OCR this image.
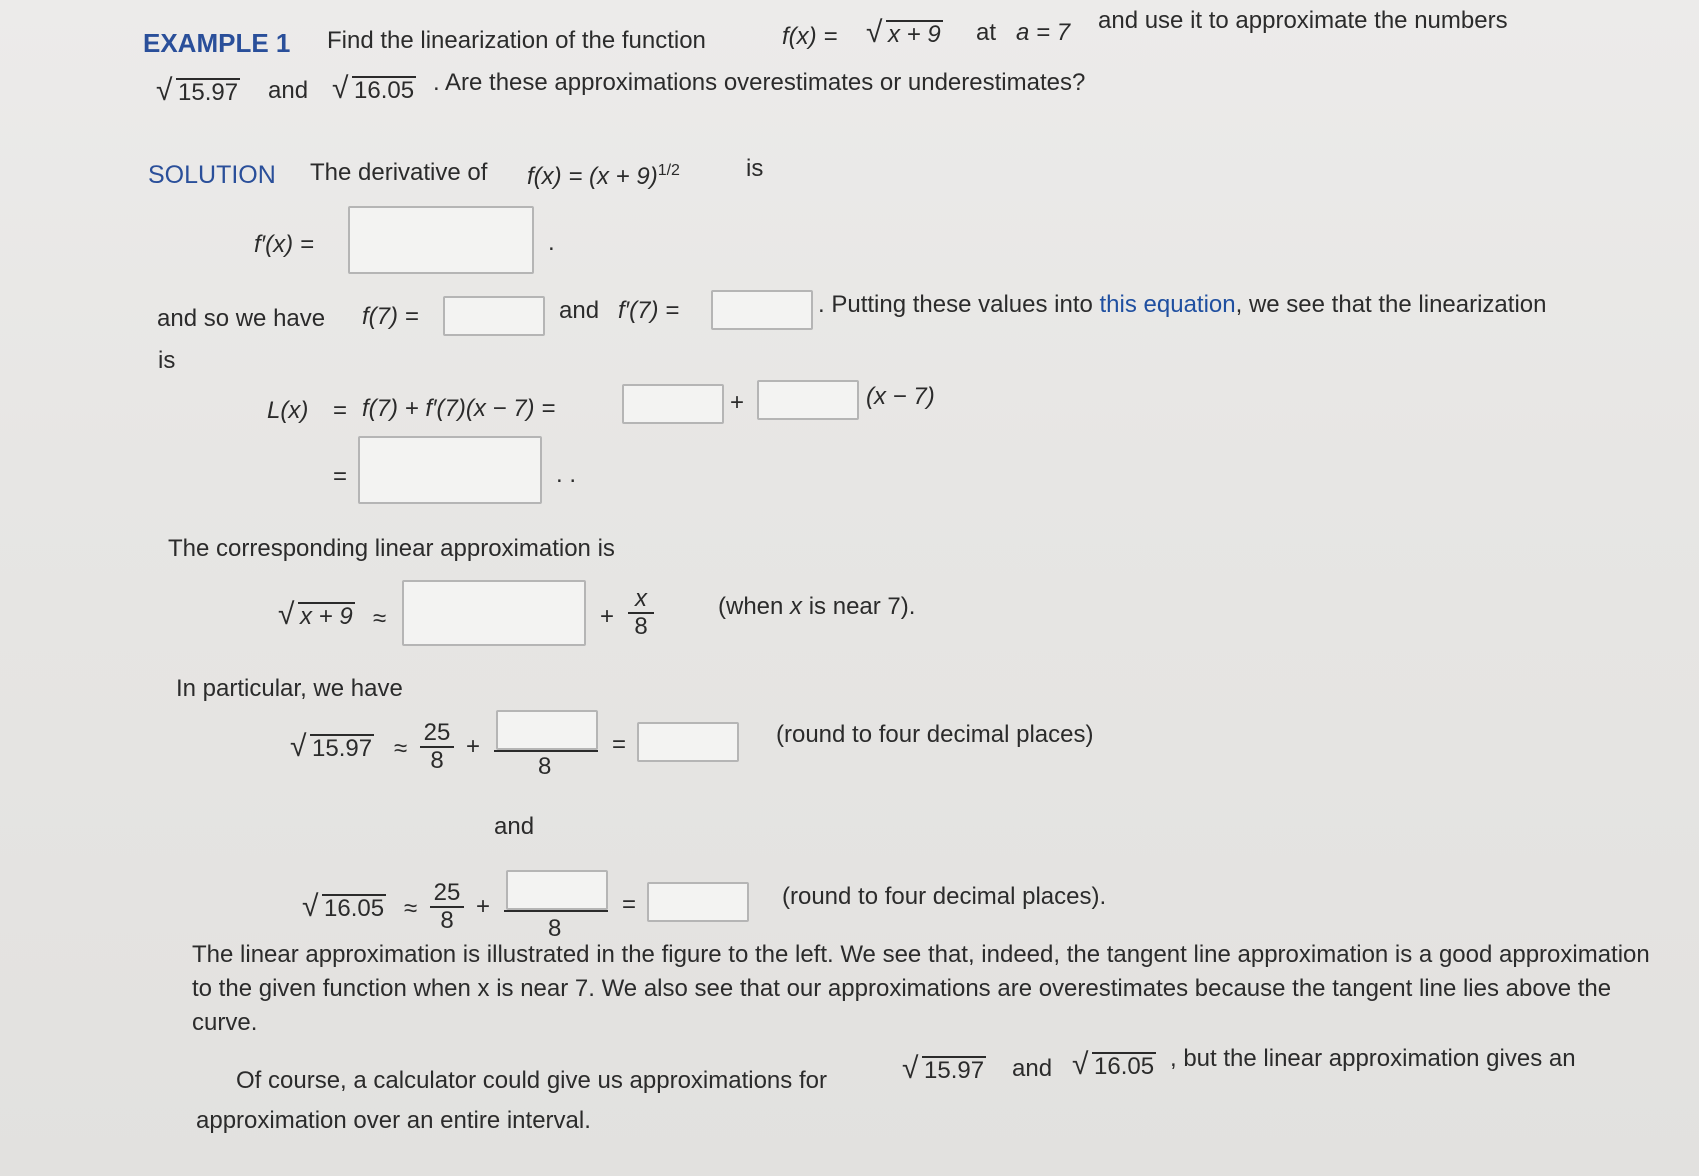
EXAMPLE 1 Find the linearization of the function	f(x) = √ x + 9 at a = 7 and use it to approximate the numbers
√ 15.97 and √ 16.05 . Are these approximations overestimates or underestimates?
SOLUTION The derivative of $f(x) = (x + 9)^{1/2}$	is
f′(x) =	.
and so we have f(7) =	and f′(7) =	. Putting these values into this equation, we see that the linearization
is
L(x) = f(7) + f′(7)(x − 7) =	+	(x − 7)
=	. .
The corresponding linear approximation is
√ x + 9 ≈	+ $\frac{x}{8}$	(when x is near 7).
In particular, we have
√ $15.97 \approx \frac{25}{8}$ +
8
=	(round to four decimal places)
and
√ $16.05 \approx \frac{25}{8}$ +
8
=	(round to four decimal places).
The linear approximation is illustrated in the figure to the left. We see that, indeed, the tangent line approximation is a good approximation to the given function when x is near 7. We also see that our approximations are overestimates because the tangent line lies above the curve.
Of course, a calculator could give us approximations for	√ 15.97 and √ 16.05 , but the linear approximation gives an
approximation over an entire interval.
